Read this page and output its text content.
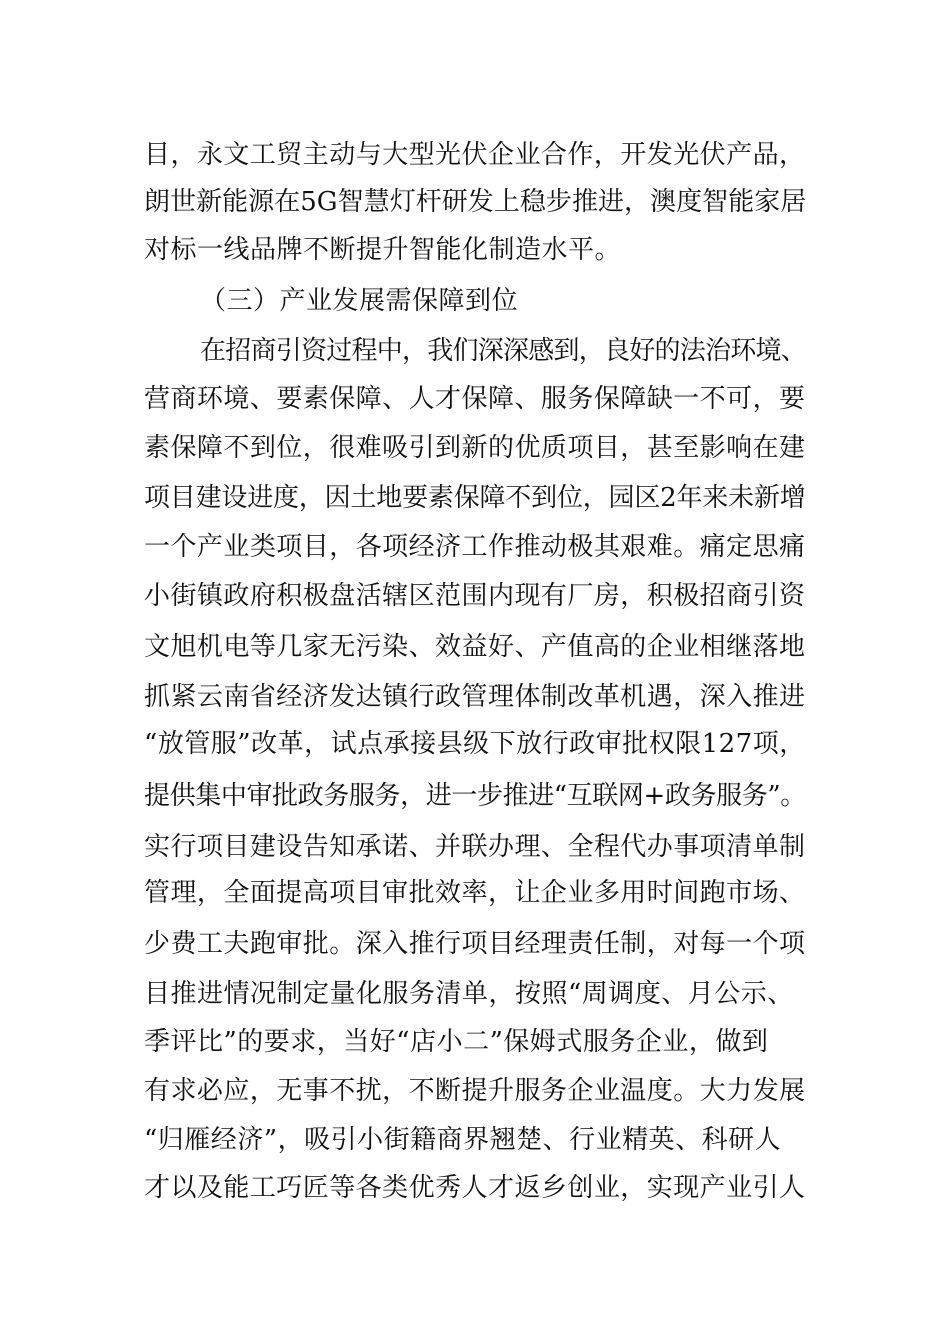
目，永文工贸主动与大型光伏企业合作，开发光伏产品，
朗世新能源在5G智慧灯杆研发上稳步推进，澳度智能家居
对标一线品牌不断提升智能化制造水平。
（三）产业发展需保障到位
在招商引资过程中，我们深深感到，良好的法治环境、
营商环境、要素保障、人才保障、服务保障缺一不可，要
素保障不到位，很难吸引到新的优质项目，甚至影响在建
项目建设进度，因土地要素保障不到位，园区2年来未新增
一个产业类项目，各项经济工作推动极其艰难。痛定思痛
小街镇政府积极盘活辖区范围内现有厂房，积极招商引资
文旭机电等几家无污染、效益好、产值高的企业相继落地
抓紧云南省经济发达镇行政管理体制改革机遇，深入推进
“放管服”改革，试点承接县级下放行政审批权限127项，
提供集中审批政务服务，进一步推进“互联网+政务服务”。
实行项目建设告知承诺、并联办理、全程代办事项清单制
管理，全面提高项目审批效率，让企业多用时间跑市场、
少费工夫跑审批。深入推行项目经理责任制，对每一个项
目推进情况制定量化服务清单，按照“周调度、月公示、
季评比”的要求，当好“店小二”保姆式服务企业，做到
有求必应，无事不扰，不断提升服务企业温度。大力发展
“归雁经济”，吸引小街籍商界翘楚、行业精英、科研人
才以及能工巧匠等各类优秀人才返乡创业，实现产业引人
